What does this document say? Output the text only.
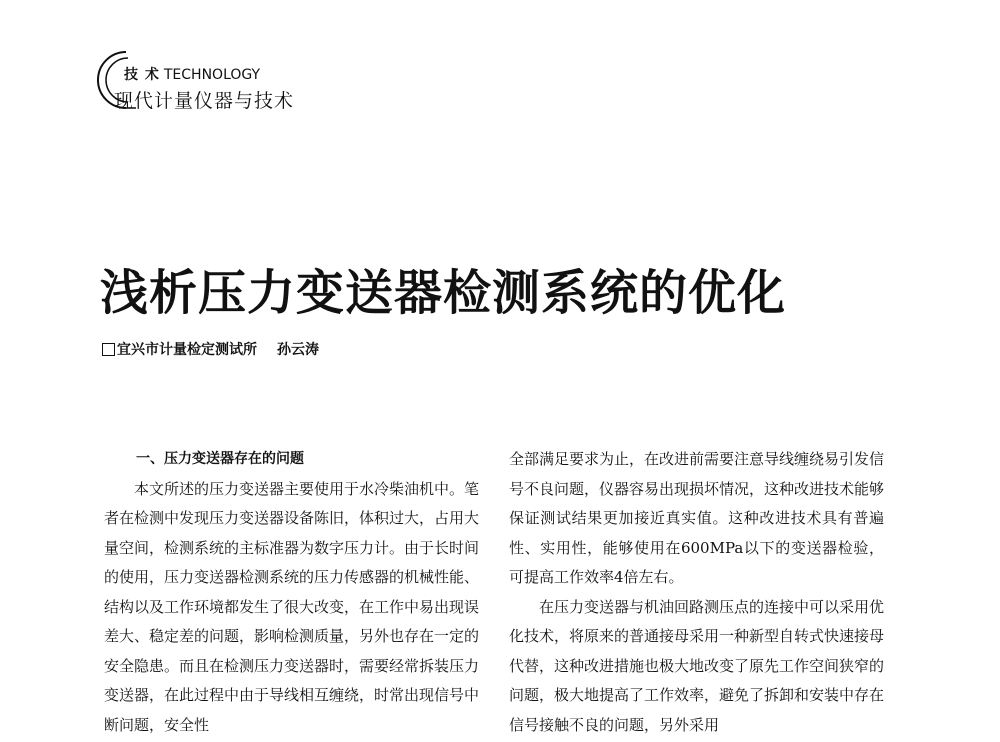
技 术 TECHNOLOGY
现代计量仪器与技术
浅析压力变送器检测系统的优化
宜兴市计量检定测试所 孙云涛
一、压力变送器存在的问题

本文所述的压力变送器主要使用于水冷柴油机中。笔者在检测中发现压力变送器设备陈旧，体积过大，占用大量空间，检测系统的主标准器为数字压力计。由于长时间的使用，压力变送器检测系统的压力传感器的机械性能、结构以及工作环境都发生了很大改变，在工作中易出现误差大、稳定差的问题，影响检测质量，另外也存在一定的安全隐患。而且在检测压力变送器时，需要经常拆装压力变送器，在此过程中由于导线相互缠绕，时常出现信号中断问题，安全性

全部满足要求为止，在改进前需要注意导线缠绕易引发信号不良问题，仪器容易出现损坏情况，这种改进技术能够保证测试结果更加接近真实值。这种改进技术具有普遍性、实用性，能够使用在600MPa以下的变送器检验，可提高工作效率4倍左右。

在压力变送器与机油回路测压点的连接中可以采用优化技术，将原来的普通接母采用一种新型自转式快速接母代替，这种改进措施也极大地改变了原先工作空间狭窄的问题，极大地提高了工作效率，避免了拆卸和安装中存在信号接触不良的问题，另外采用
